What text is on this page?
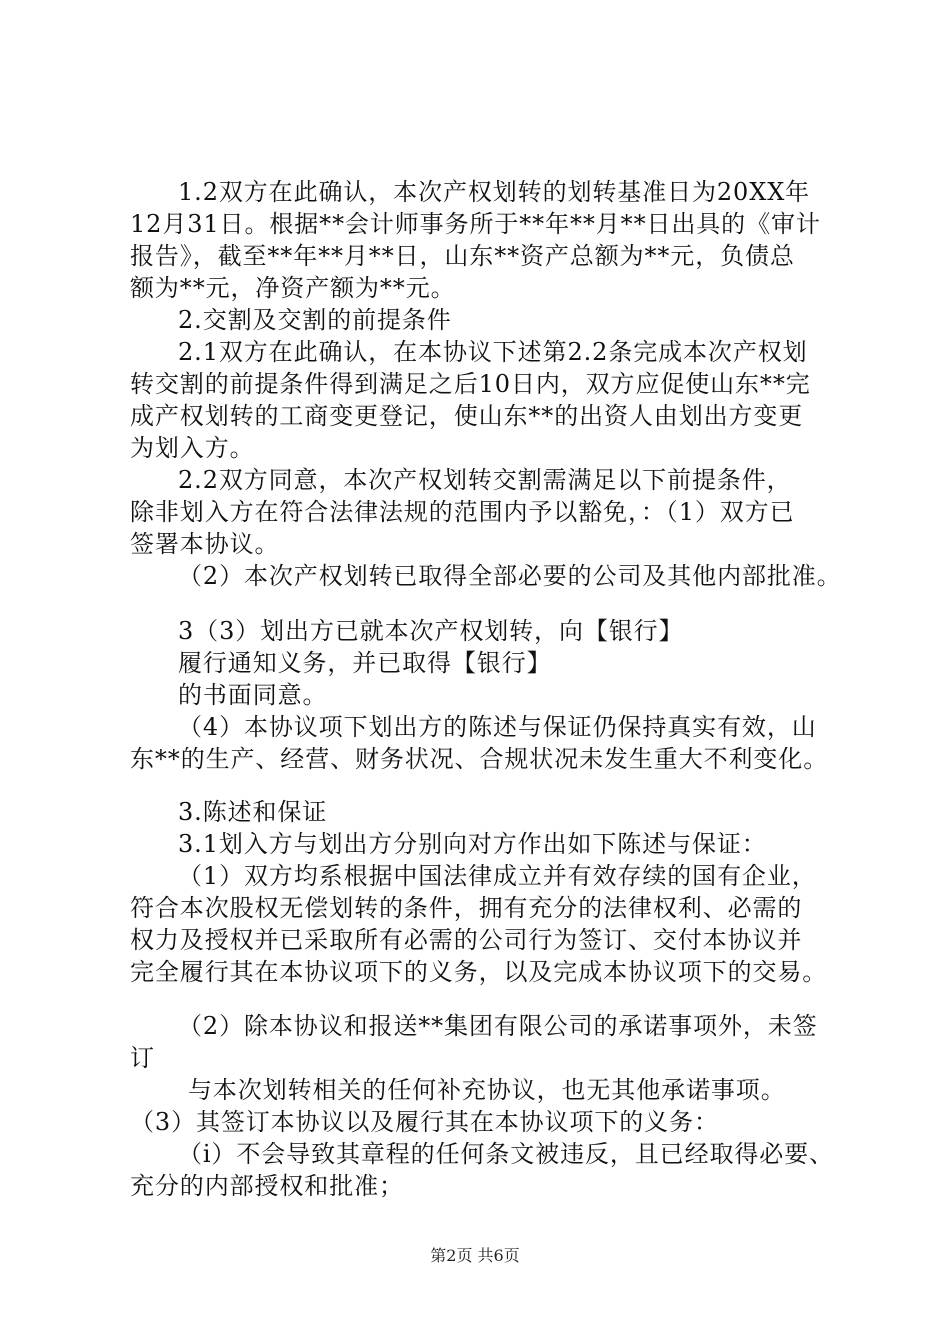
1.2双方在此确认，本次产权划转的划转基准日为20XX年
12月31日。根据**会计师事务所于**年**月**日出具的《审计
报告》，截至**年**月**日，山东**资产总额为**元，负债总
额为**元，净资产额为**元。
2.交割及交割的前提条件
2.1双方在此确认，在本协议下述第2.2条完成本次产权划
转交割的前提条件得到满足之后10日内，双方应促使山东**完
成产权划转的工商变更登记，使山东**的出资人由划出方变更
为划入方。
2.2双方同意，本次产权划转交割需满足以下前提条件，
除非划入方在符合法律法规的范围内予以豁免，：（1）双方已
签署本协议。
（2）本次产权划转已取得全部必要的公司及其他内部批准。
3（3）划出方已就本次产权划转，向【银行】
履行通知义务，并已取得【银行】
的书面同意。
（4）本协议项下划出方的陈述与保证仍保持真实有效，山
东**的生产、经营、财务状况、合规状况未发生重大不利变化。
3.陈述和保证
3.1划入方与划出方分别向对方作出如下陈述与保证：
（1）双方均系根据中国法律成立并有效存续的国有企业，
符合本次股权无偿划转的条件，拥有充分的法律权利、必需的
权力及授权并已采取所有必需的公司行为签订、交付本协议并
完全履行其在本协议项下的义务，以及完成本协议项下的交易。
（2）除本协议和报送**集团有限公司的承诺事项外，未签
订
与本次划转相关的任何补充协议，也无其他承诺事项。
（3）其签订本协议以及履行其在本协议项下的义务：
（i）不会导致其章程的任何条文被违反，且已经取得必要、
充分的内部授权和批准；
第2页 共6页
